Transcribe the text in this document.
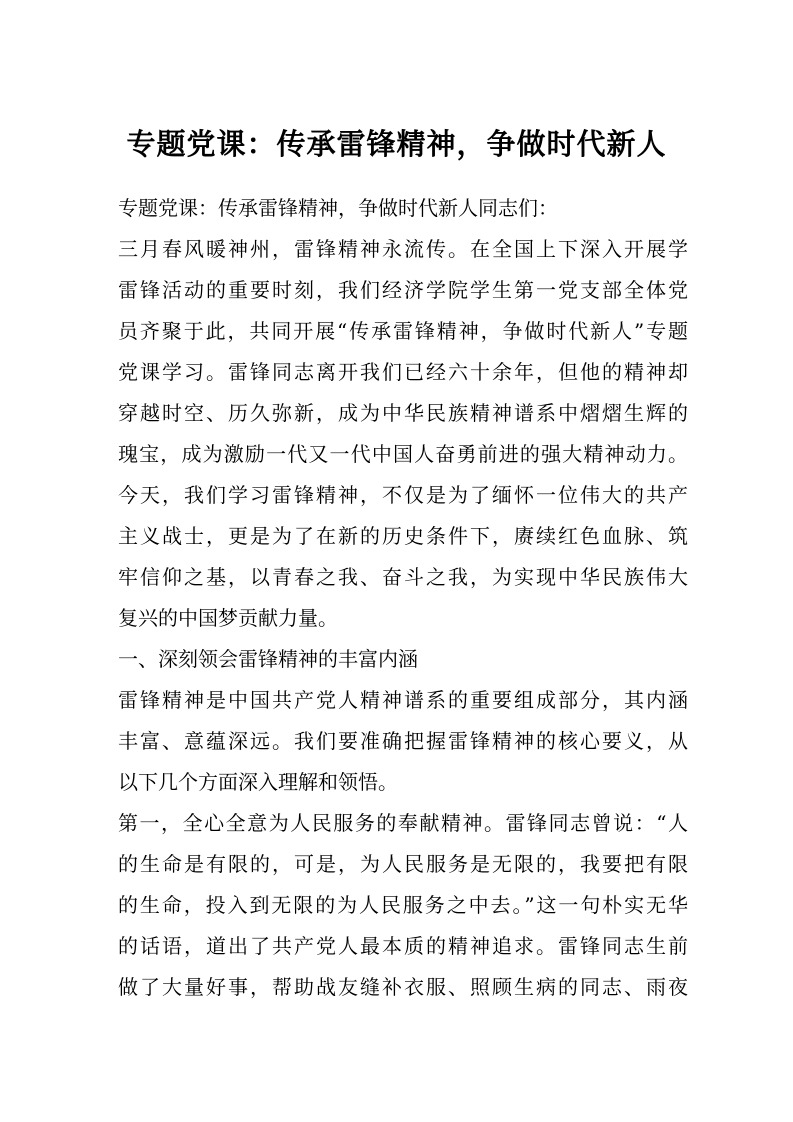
专题党课：传承雷锋精神，争做时代新人
专题党课：传承雷锋精神，争做时代新人同志们：
三月春风暖神州，雷锋精神永流传。在全国上下深入开展学
雷锋活动的重要时刻，我们经济学院学生第一党支部全体党
员齐聚于此，共同开展“传承雷锋精神，争做时代新人”专题
党课学习。雷锋同志离开我们已经六十余年，但他的精神却
穿越时空、历久弥新，成为中华民族精神谱系中熠熠生辉的
瑰宝，成为激励一代又一代中国人奋勇前进的强大精神动力。
今天，我们学习雷锋精神，不仅是为了缅怀一位伟大的共产
主义战士，更是为了在新的历史条件下，赓续红色血脉、筑
牢信仰之基，以青春之我、奋斗之我，为实现中华民族伟大
复兴的中国梦贡献力量。
一、深刻领会雷锋精神的丰富内涵
雷锋精神是中国共产党人精神谱系的重要组成部分，其内涵
丰富、意蕴深远。我们要准确把握雷锋精神的核心要义，从
以下几个方面深入理解和领悟。
第一，全心全意为人民服务的奉献精神。雷锋同志曾说：“人
的生命是有限的，可是，为人民服务是无限的，我要把有限
的生命，投入到无限的为人民服务之中去。”这一句朴实无华
的话语，道出了共产党人最本质的精神追求。雷锋同志生前
做了大量好事，帮助战友缝补衣服、照顾生病的同志、雨夜
